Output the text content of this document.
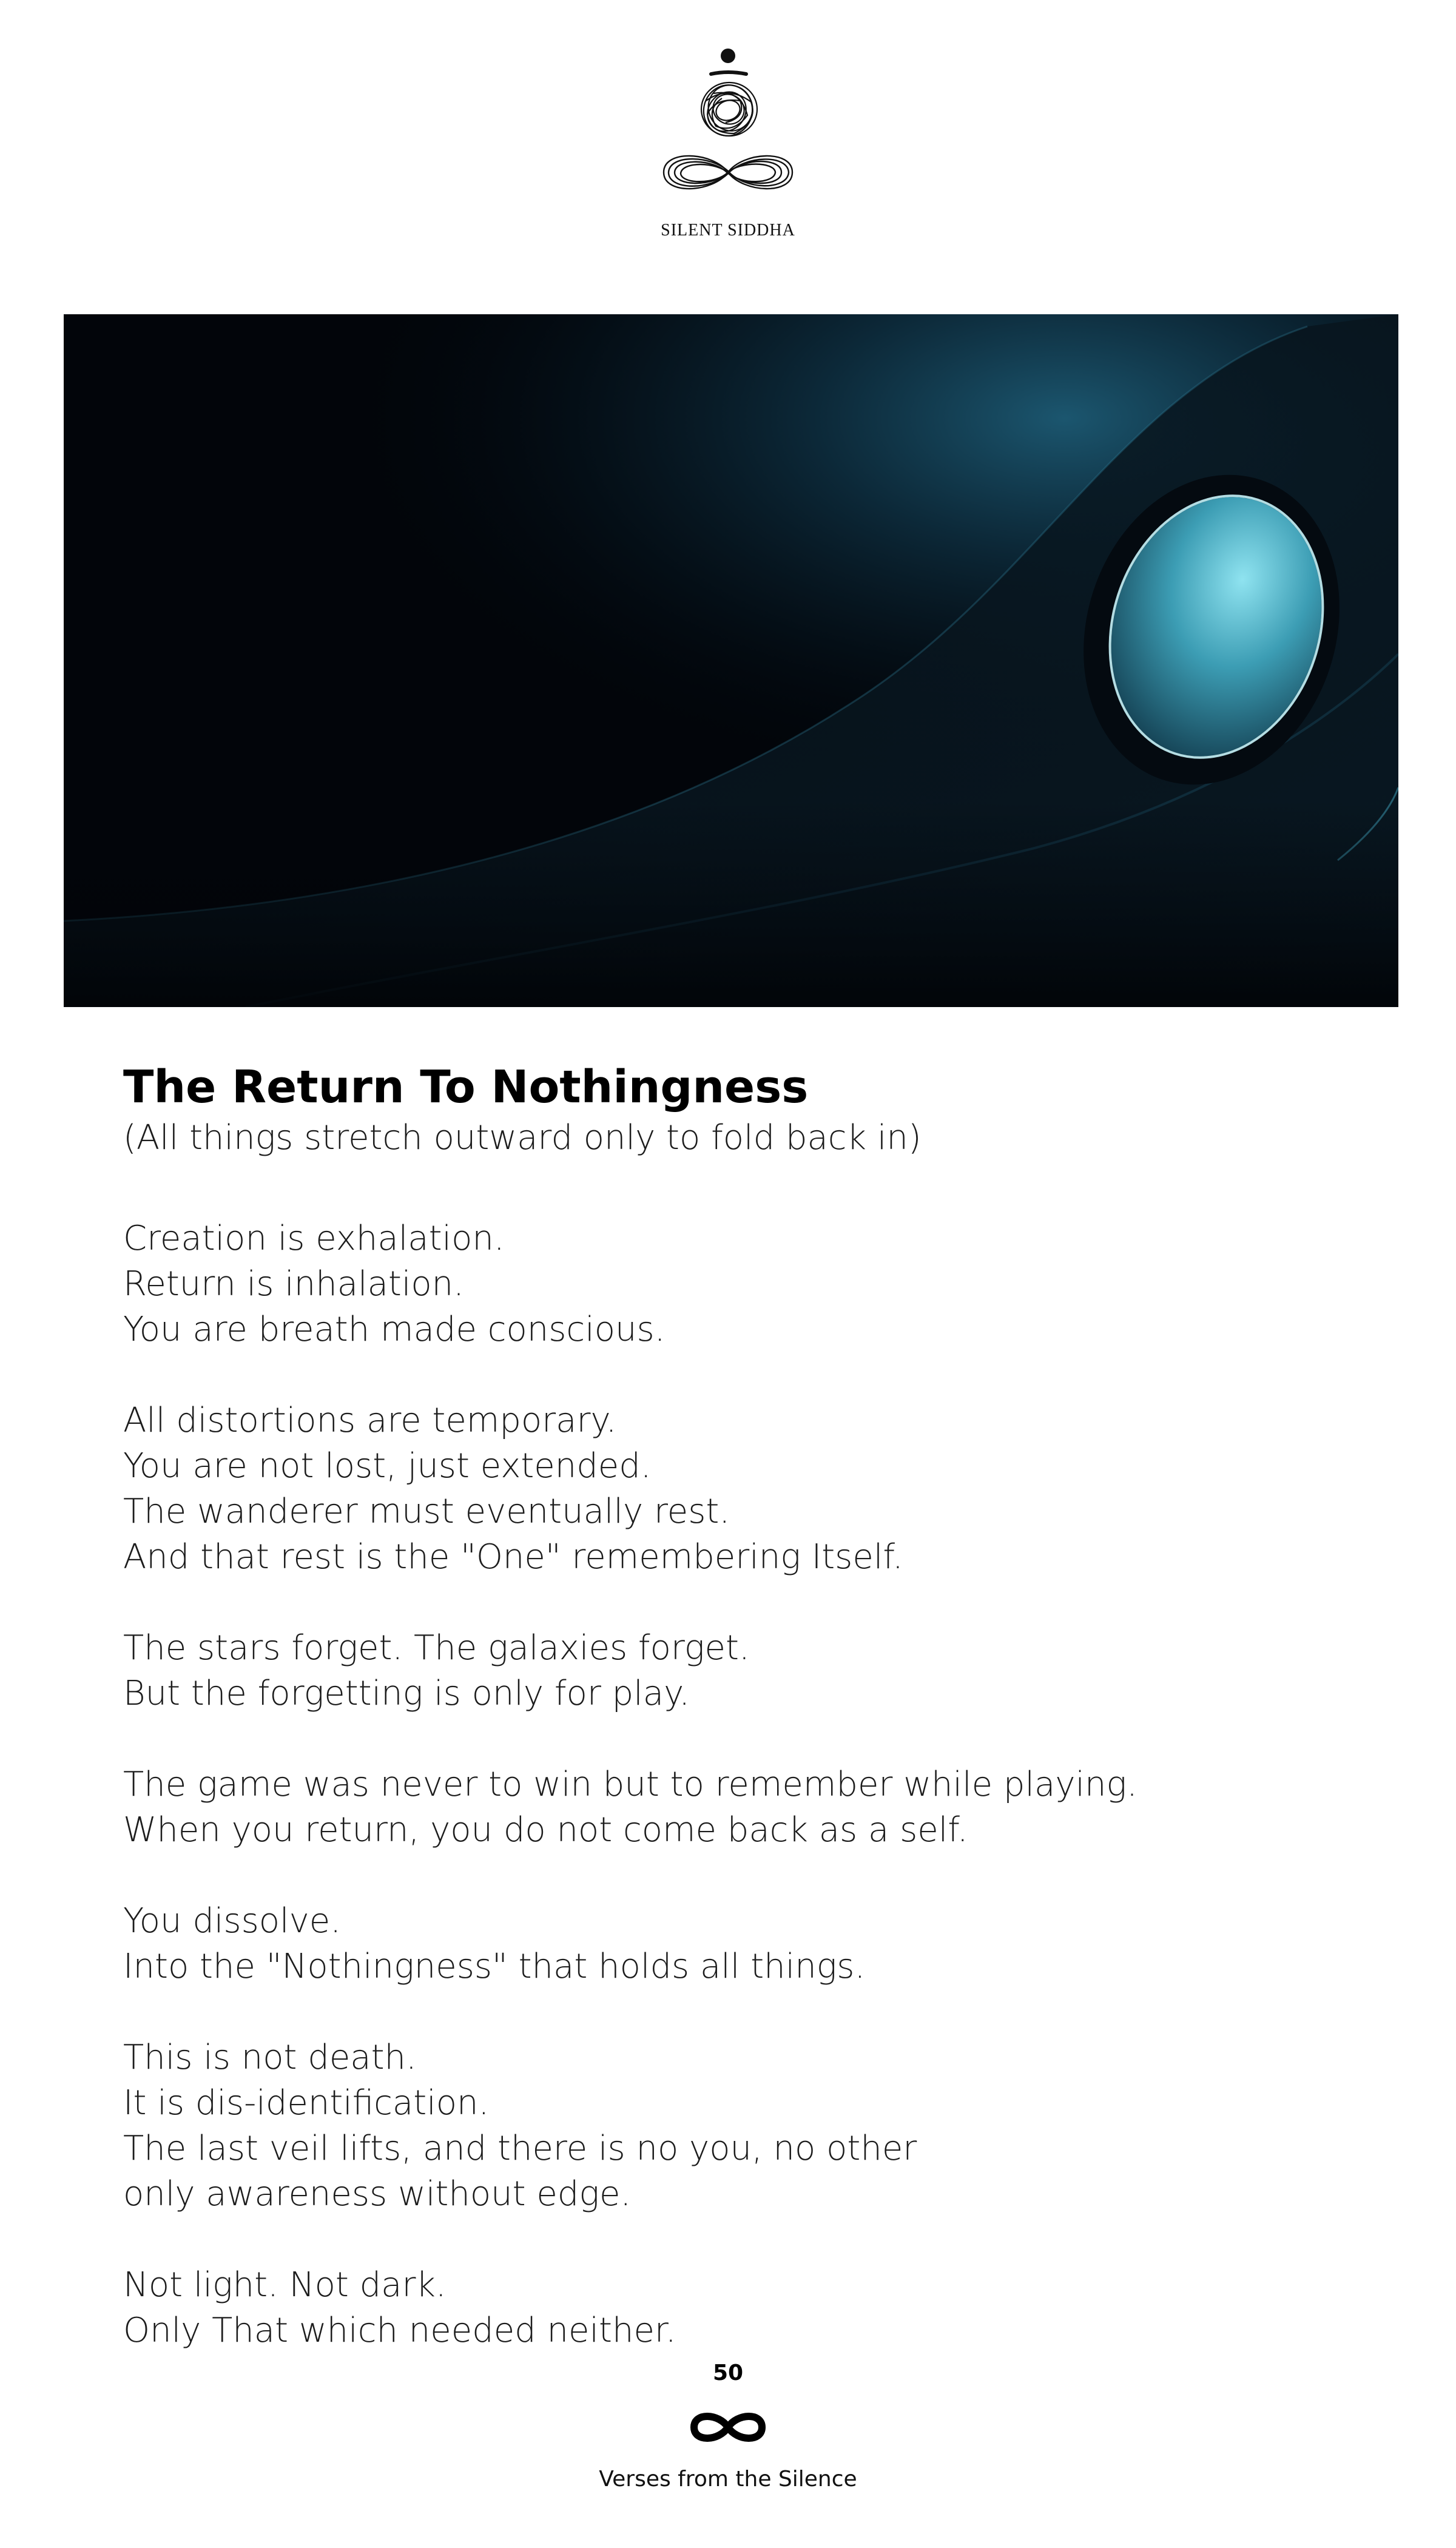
SILENT SIDDHA
The Return To Nothingness

(All things stretch outward only to fold back in)

Creation is exhalation.
Return is inhalation.
You are breath made conscious.
All distortions are temporary.
You are not lost, just extended.
The wanderer must eventually rest.
And that rest is the "One" remembering Itself.
The stars forget. The galaxies forget.
But the forgetting is only for play.
The game was never to win but to remember while playing.
When you return, you do not come back as a self.
You dissolve.
Into the "Nothingness" that holds all things.
This is not death.
It is dis-identification.
The last veil lifts, and there is no you, no other
only awareness without edge.
Not light. Not dark.
Only That which needed neither.
50
Verses from the Silence
